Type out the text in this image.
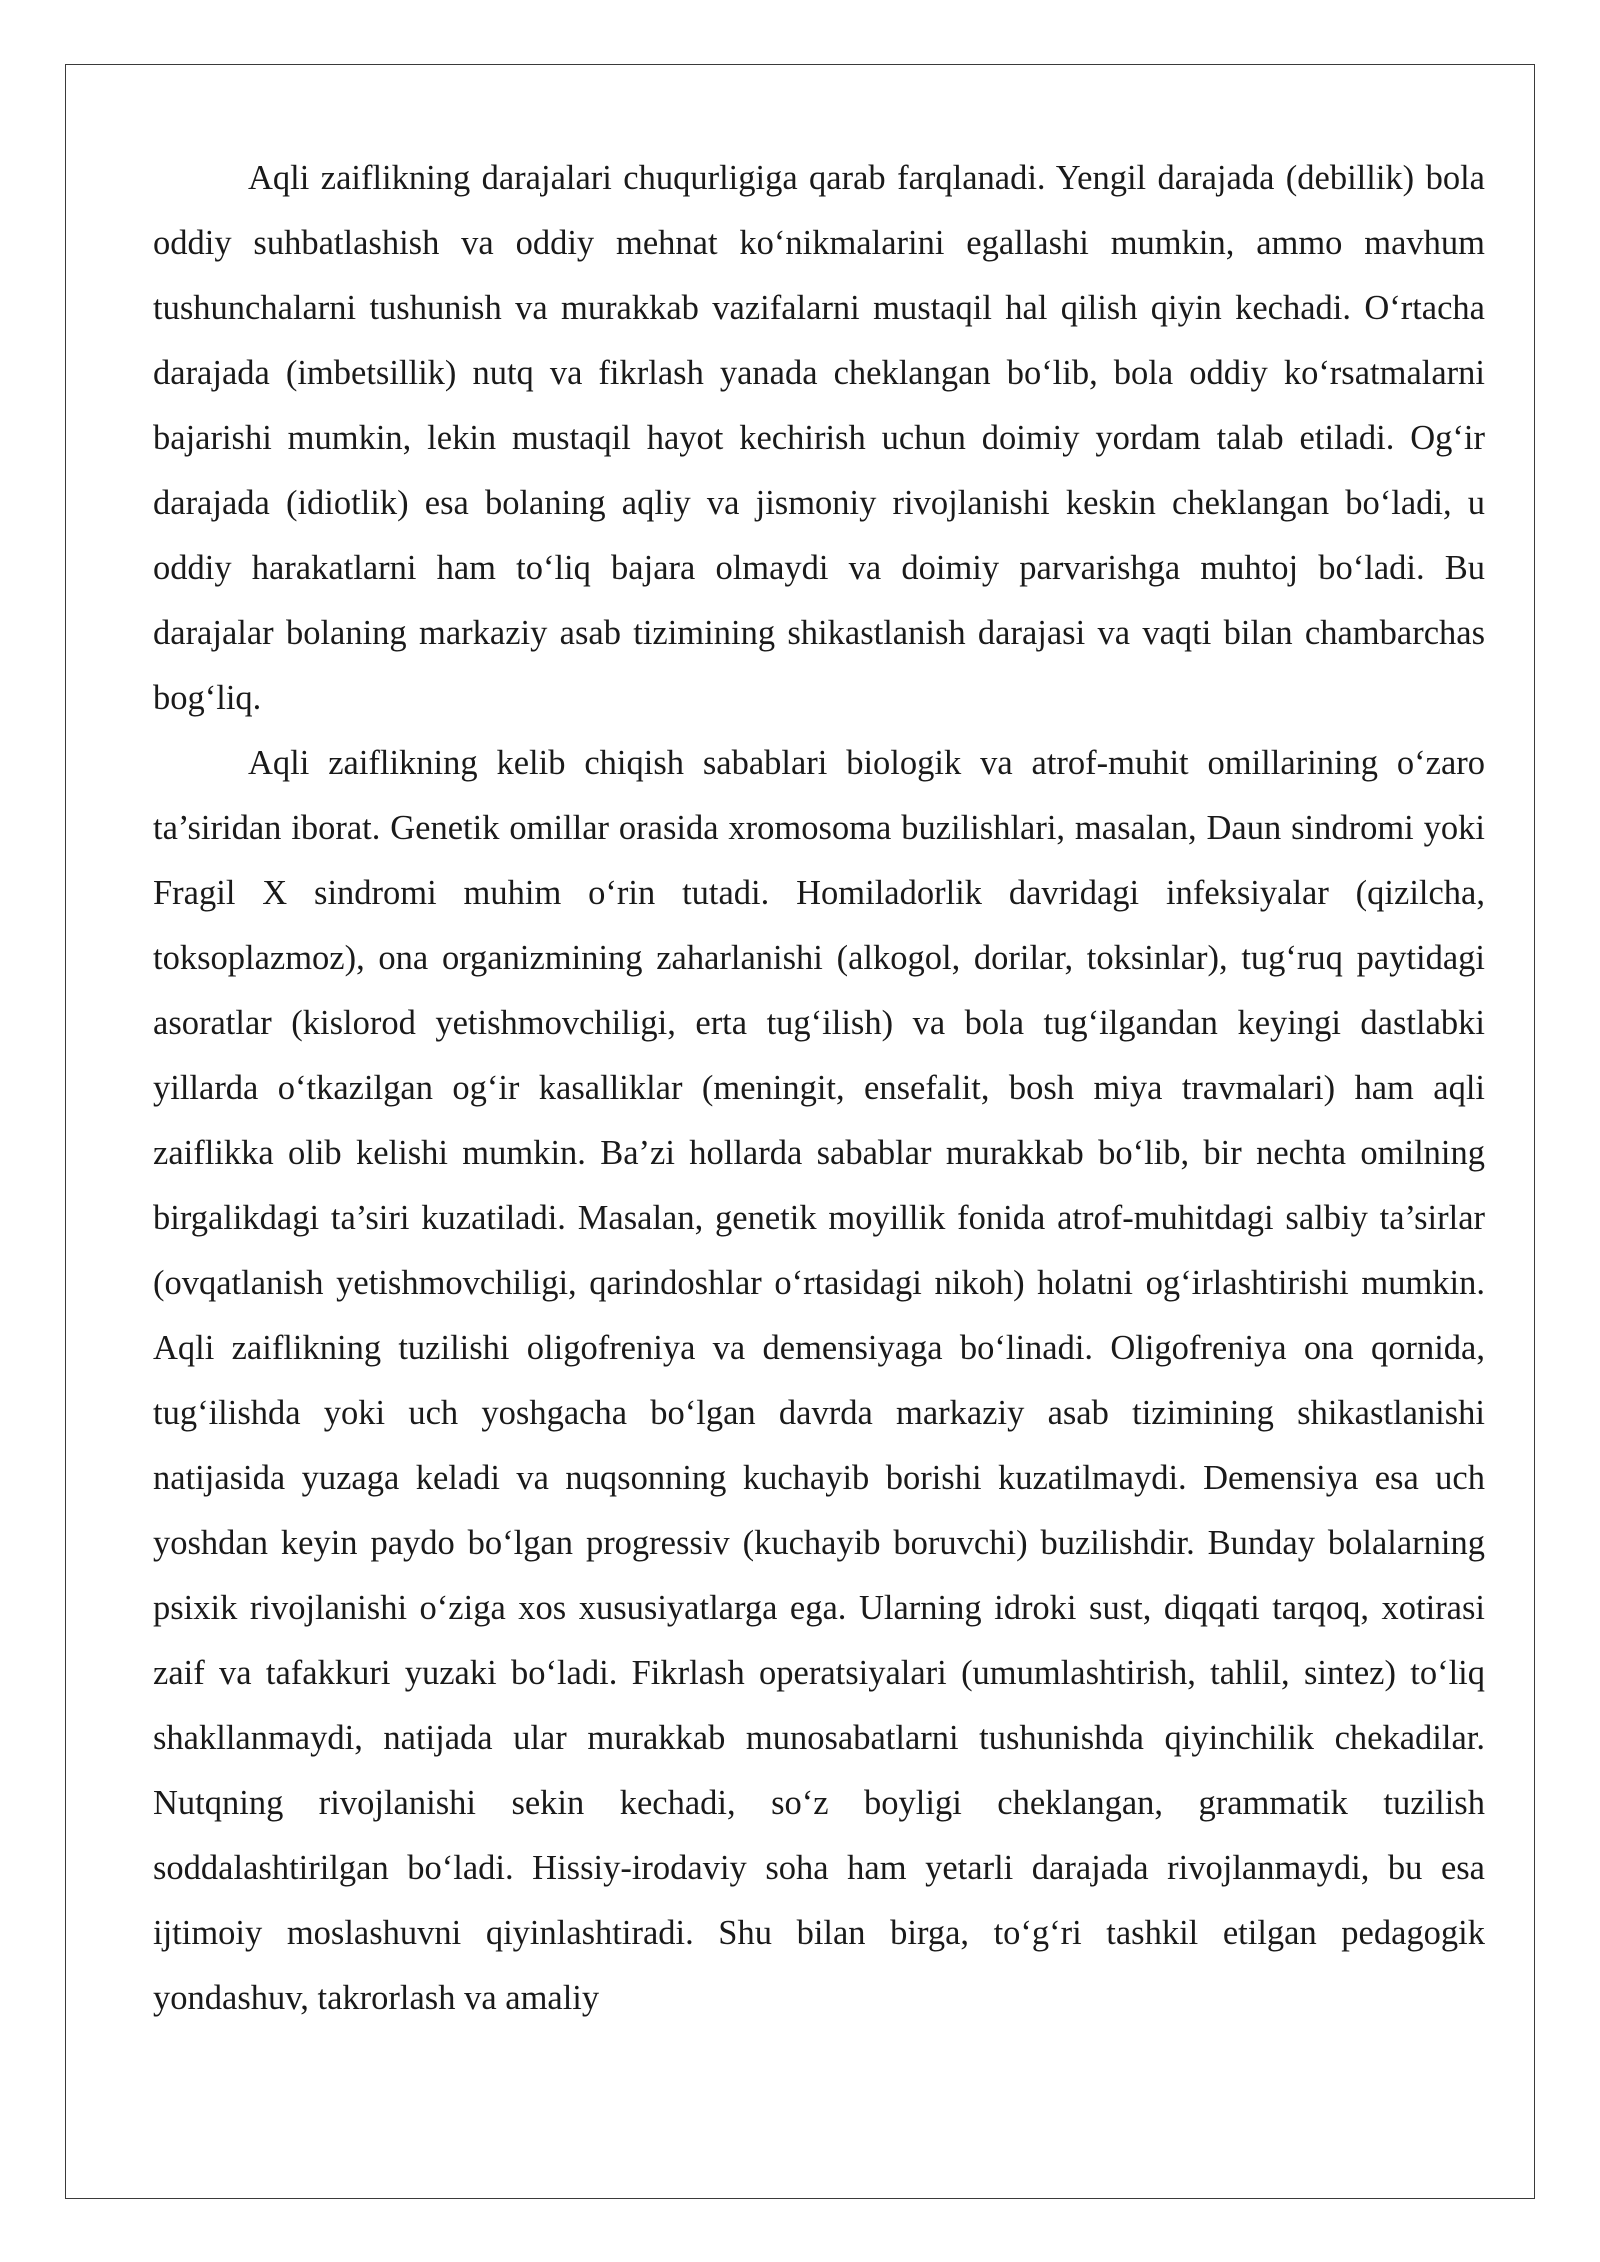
Aqli zaiflikning darajalari chuqurligiga qarab farqlanadi. Yengil darajada (debillik) bola oddiy suhbatlashish va oddiy mehnat ko‘nikmalarini egallashi mumkin, ammo mavhum tushunchalarni tushunish va murakkab vazifalarni mustaqil hal qilish qiyin kechadi. O‘rtacha darajada (imbetsillik) nutq va fikrlash yanada cheklangan bo‘lib, bola oddiy ko‘rsatmalarni bajarishi mumkin, lekin mustaqil hayot kechirish uchun doimiy yordam talab etiladi. Og‘ir darajada (idiotlik) esa bolaning aqliy va jismoniy rivojlanishi keskin cheklangan bo‘ladi, u oddiy harakatlarni ham to‘liq bajara olmaydi va doimiy parvarishga muhtoj bo‘ladi. Bu darajalar bolaning markaziy asab tizimining shikastlanish darajasi va vaqti bilan chambarchas bog‘liq.

Aqli zaiflikning kelib chiqish sabablari biologik va atrof-muhit omillarining o‘zaro ta’siridan iborat. Genetik omillar orasida xromosoma buzilishlari, masalan, Daun sindromi yoki Fragil X sindromi muhim o‘rin tutadi. Homiladorlik davridagi infeksiyalar (qizilcha, toksoplazmoz), ona organizmining zaharlanishi (alkogol, dorilar, toksinlar), tug‘ruq paytidagi asoratlar (kislorod yetishmovchiligi, erta tug‘ilish) va bola tug‘ilgandan keyingi dastlabki yillarda o‘tkazilgan og‘ir kasalliklar (meningit, ensefalit, bosh miya travmalari) ham aqli zaiflikka olib kelishi mumkin. Ba’zi hollarda sabablar murakkab bo‘lib, bir nechta omilning birgalikdagi ta’siri kuzatiladi. Masalan, genetik moyillik fonida atrof-muhitdagi salbiy ta’sirlar (ovqatlanish yetishmovchiligi, qarindoshlar o‘rtasidagi nikoh) holatni og‘irlashtirishi mumkin. Aqli zaiflikning tuzilishi oligofreniya va demensiyaga bo‘linadi. Oligofreniya ona qornida, tug‘ilishda yoki uch yoshgacha bo‘lgan davrda markaziy asab tizimining shikastlanishi natijasida yuzaga keladi va nuqsonning kuchayib borishi kuzatilmaydi. Demensiya esa uch yoshdan keyin paydo bo‘lgan progressiv (kuchayib boruvchi) buzilishdir. Bunday bolalarning psixik rivojlanishi o‘ziga xos xususiyatlarga ega. Ularning idroki sust, diqqati tarqoq, xotirasi zaif va tafakkuri yuzaki bo‘ladi. Fikrlash operatsiyalari (umumlashtirish, tahlil, sintez) to‘liq shakllanmaydi, natijada ular murakkab munosabatlarni tushunishda qiyinchilik chekadilar. Nutqning rivojlanishi sekin kechadi, so‘z boyligi cheklangan, grammatik tuzilish soddalashtirilgan bo‘ladi. Hissiy-irodaviy soha ham yetarli darajada rivojlanmaydi, bu esa ijtimoiy moslashuvni qiyinlashtiradi. Shu bilan birga, to‘g‘ri tashkil etilgan pedagogik yondashuv, takrorlash va amaliy
